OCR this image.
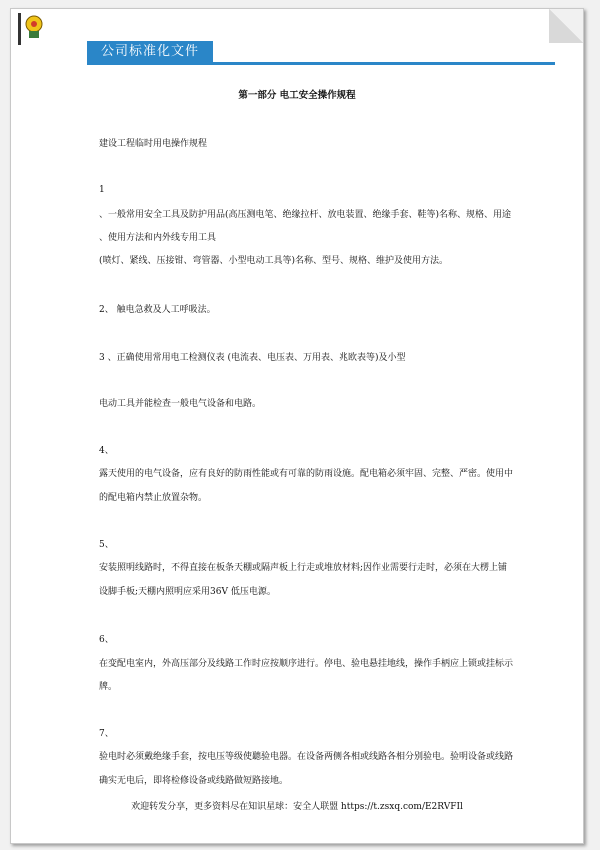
公司标准化文件
第一部分 电工安全操作规程
建设工程临时用电操作规程
1
、一般常用安全工具及防护用品(高压测电笔、绝缘拉杆、放电装置、绝缘手套、鞋等)名称、规格、用途
、使用方法和内外线专用工具
(喷灯、紧线、压接钳、弯管器、小型电动工具等)名称、型号、规格、维护及使用方法。
2、 触电急救及人工呼吸法。
3 、正确使用常用电工检测仪表 (电流表、电压表、万用表、兆欧表等)及小型
电动工具并能检查一般电气设备和电路。
4、
露天使用的电气设备，应有良好的防雨性能或有可靠的防雨设施。配电箱必须牢固、完整、严密。使用中
的配电箱内禁止放置杂物。
5、
安装照明线路时，不得直接在板条天棚或隔声板上行走或堆放材料;因作业需要行走时，必须在大楞上铺
设脚手板;天棚内照明应采用36V 低压电源。
6、
在变配电室内，外高压部分及线路工作时应按顺序进行。停电、验电悬挂地线，操作手柄应上锁或挂标示
牌。
7、
验电时必须戴绝缘手套，按电压等级使聽验电器。在设备两侧各相或线路各相分别验电。验明设备或线路
确实无电后，即将检修设备或线路做短路接地。
欢迎转发分享，更多资料尽在知识星球：安全人联盟 https://t.zsxq.com/E2RVFIl
